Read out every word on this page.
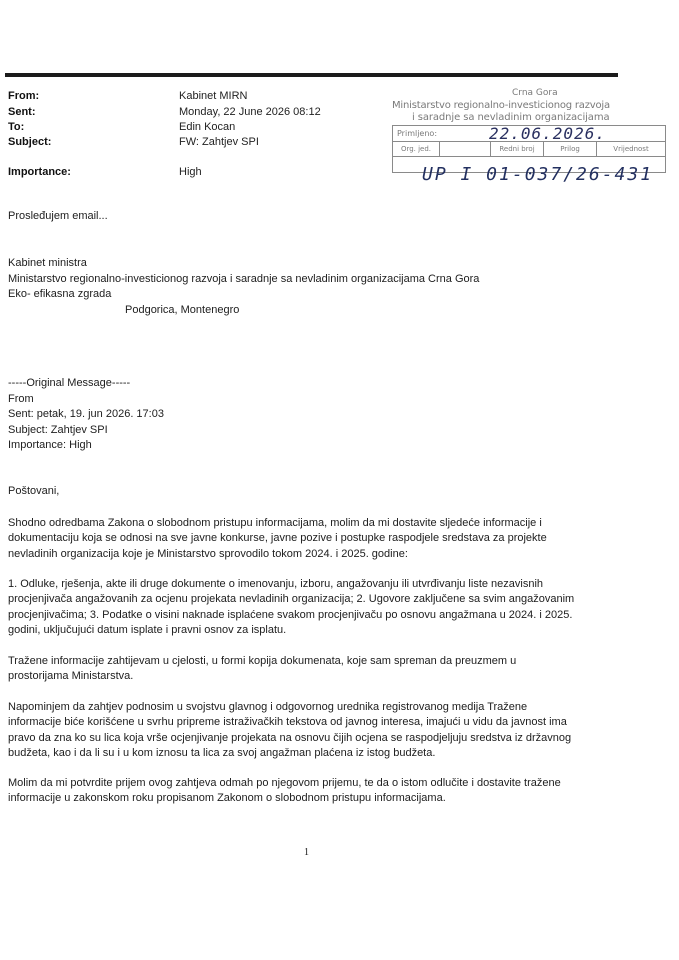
From:	Kabinet MIRN
Sent:	Monday, 22 June 2026 08:12
To:	Edin Kocan
Subject:	FW: Zahtjev SPI
Importance:	High
Crna Gora
Ministarstvo regionalno-investicionog razvoja
i saradnje sa nevladinim organizacijama
Primljeno:	22.06.2026.
Org. jed.	Redni broj	Prilog	Vrijednost
UP I 01-037/26-431
Prosleđujem email...
Kabinet ministra
Ministarstvo regionalno-investicionog razvoja i saradnje sa nevladinim organizacijama Crna Gora
Eko- efikasna zgrada
Podgorica, Montenegro
-----Original Message-----
From
Sent: petak, 19. jun 2026. 17:03
Subject: Zahtjev SPI
Importance: High
Poštovani,
Shodno odredbama Zakona o slobodnom pristupu informacijama, molim da mi dostavite sljedeće informacije i dokumentaciju koja se odnosi na sve javne konkurse, javne pozive i postupke raspodjele sredstava za projekte nevladinih organizacija koje je Ministarstvo sprovodilo tokom 2024. i 2025. godine:
1. Odluke, rješenja, akte ili druge dokumente o imenovanju, izboru, angažovanju ili utvrđivanju liste nezavisnih procjenjivača angažovanih za ocjenu projekata nevladinih organizacija; 2. Ugovore zaključene sa svim angažovanim procjenjivačima; 3. Podatke o visini naknade isplaćene svakom procjenjivaču po osnovu angažmana u 2024. i 2025. godini, uključujući datum isplate i pravni osnov za isplatu.
Tražene informacije zahtijevam u cjelosti, u formi kopija dokumenata, koje sam spreman da preuzmem u prostorijama Ministarstva.
Napominjem da zahtjev podnosim u svojstvu glavnog i odgovornog urednika registrovanog medija Tražene informacije biće korišćene u svrhu pripreme istraživačkih tekstova od javnog interesa, imajući u vidu da javnost ima pravo da zna ko su lica koja vrše ocjenjivanje projekata na osnovu čijih ocjena se raspodjeljuju sredstva iz državnog budžeta, kao i da li su i u kom iznosu ta lica za svoj angažman plaćena iz istog budžeta.
Molim da mi potvrdite prijem ovog zahtjeva odmah po njegovom prijemu, te da o istom odlučite i dostavite tražene informacije u zakonskom roku propisanom Zakonom o slobodnom pristupu informacijama.
1
